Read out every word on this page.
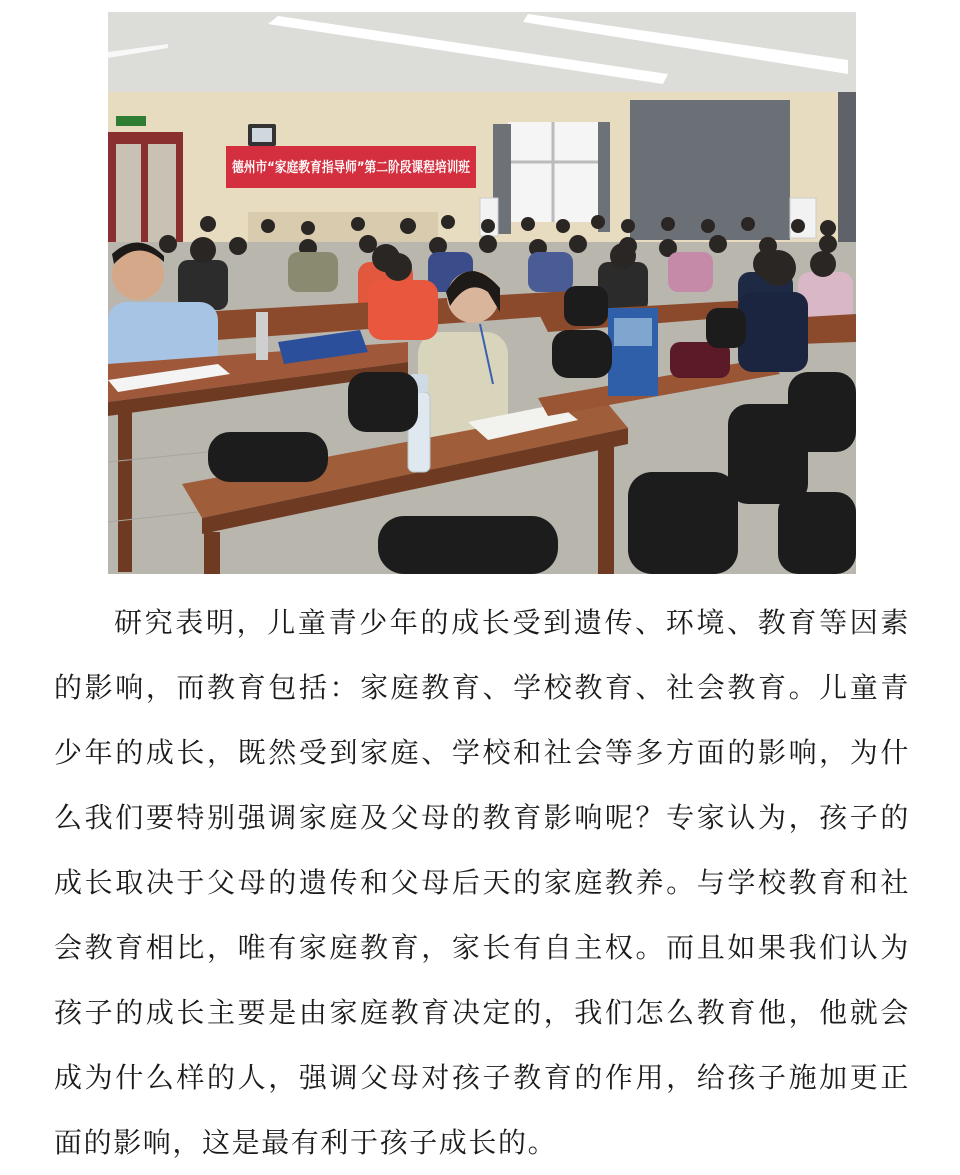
德州市“家庭教育指导师”第二阶段课程培训班

研究表明，儿童青少年的成长受到遗传、环境、教育等因素的影响，而教育包括：家庭教育、学校教育、社会教育。儿童青少年的成长，既然受到家庭、学校和社会等多方面的影响，为什么我们要特别强调家庭及父母的教育影响呢？专家认为，孩子的成长取决于父母的遗传和父母后天的家庭教养。与学校教育和社会教育相比，唯有家庭教育，家长有自主权。而且如果我们认为孩子的成长主要是由家庭教育决定的，我们怎么教育他，他就会成为什么样的人，强调父母对孩子教育的作用，给孩子施加更正面的影响，这是最有利于孩子成长的。
